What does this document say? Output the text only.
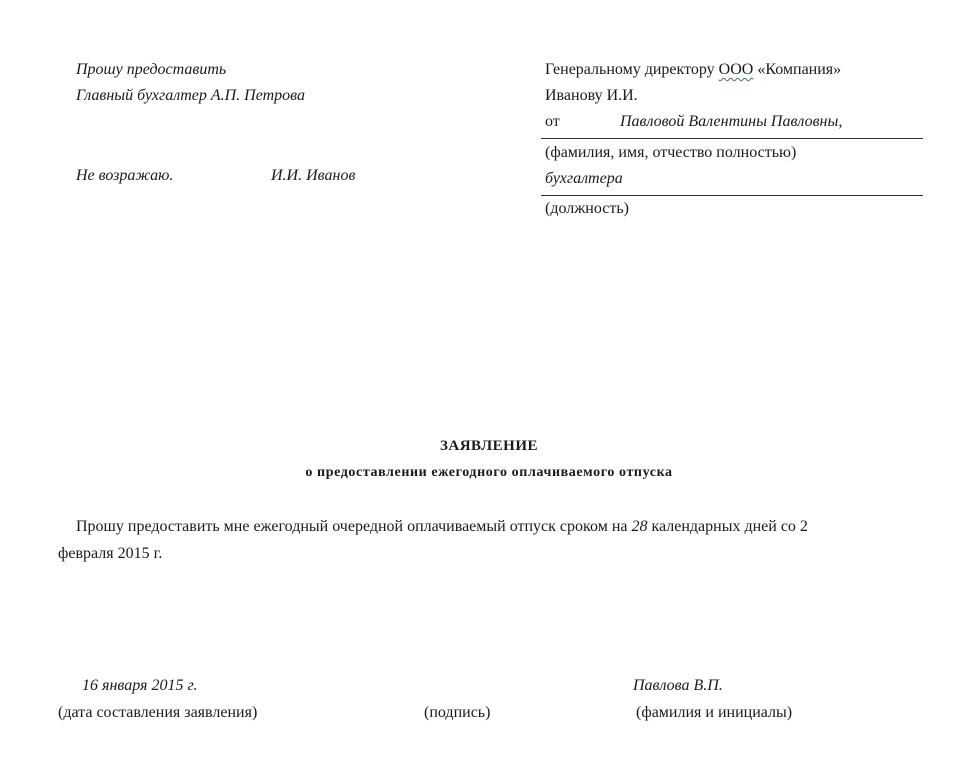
Прошу предоставить
Главный бухгалтер А.П. Петрова
Не возражаю.	И.И. Иванов
Генеральному директору ООО «Компания»
Иванову И.И.
от	Павловой Валентины Павловны,
(фамилия, имя, отчество полностью)
бухгалтера
(должность)
ЗАЯВЛЕНИЕ
о предоставлении ежегодного оплачиваемого отпуска
Прошу предоставить мне ежегодный очередной оплачиваемый отпуск сроком на 28 календарных дней со 2
февраля 2015 г.
16 января 2015 г.	Павлова В.П.
(дата составления заявления)	(подпись)	(фамилия и инициалы)
